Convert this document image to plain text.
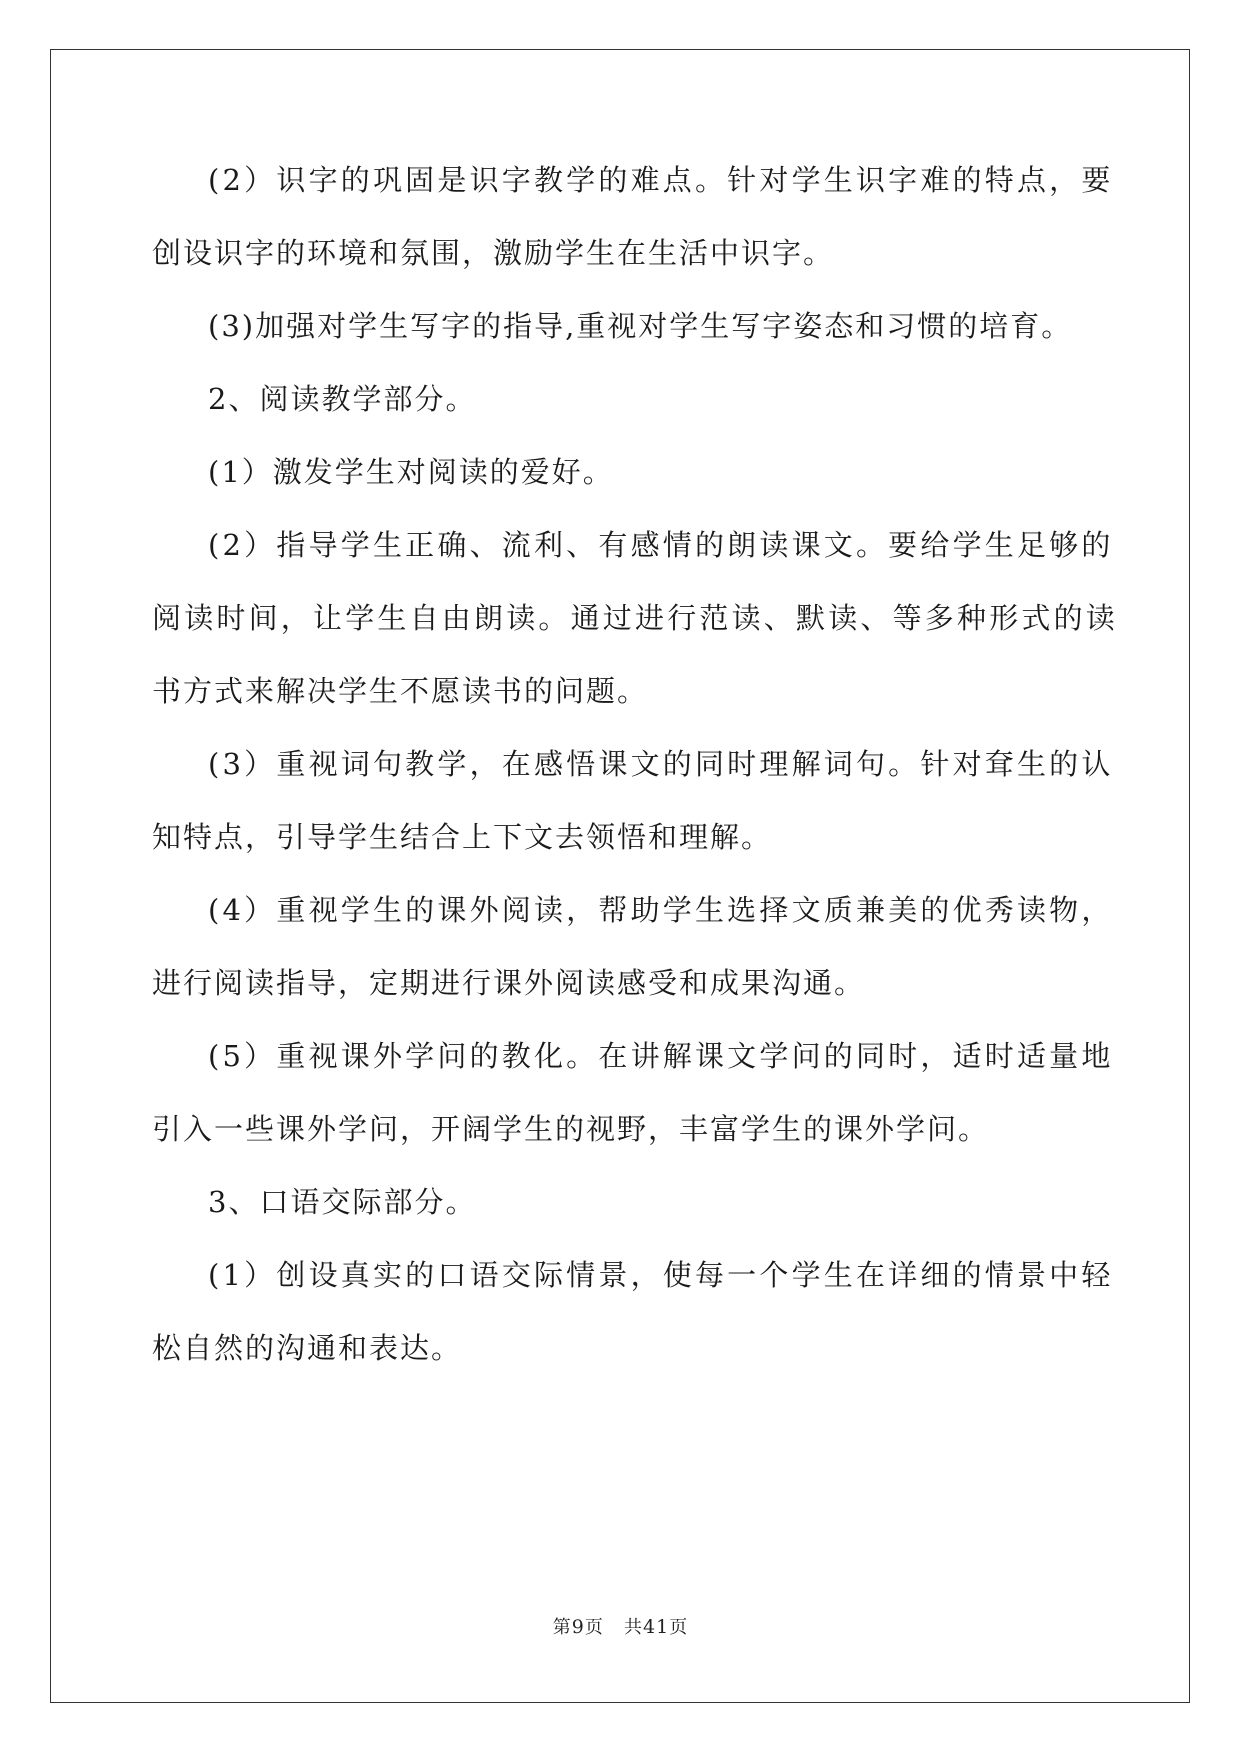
(2）识字的巩固是识字教学的难点。针对学生识字难的特点，要
创设识字的环境和氛围，激励学生在生活中识字。
(3)加强对学生写字的指导,重视对学生写字姿态和习惯的培育。
2、阅读教学部分。
(1）激发学生对阅读的爱好。
(2）指导学生正确、流利、有感情的朗读课文。要给学生足够的
阅读时间，让学生自由朗读。通过进行范读、默读、等多种形式的读
书方式来解决学生不愿读书的问题。
(3）重视词句教学，在感悟课文的同时理解词句。针对耷生的认
知特点，引导学生结合上下文去领悟和理解。
(4）重视学生的课外阅读，帮助学生选择文质兼美的优秀读物，
进行阅读指导，定期进行课外阅读感受和成果沟通。
(5）重视课外学问的教化。在讲解课文学问的同时，适时适量地
引入一些课外学问，开阔学生的视野，丰富学生的课外学问。
3、口语交际部分。
(1）创设真实的口语交际情景，使每一个学生在详细的情景中轻
松自然的沟通和表达。
第9页 共41页
